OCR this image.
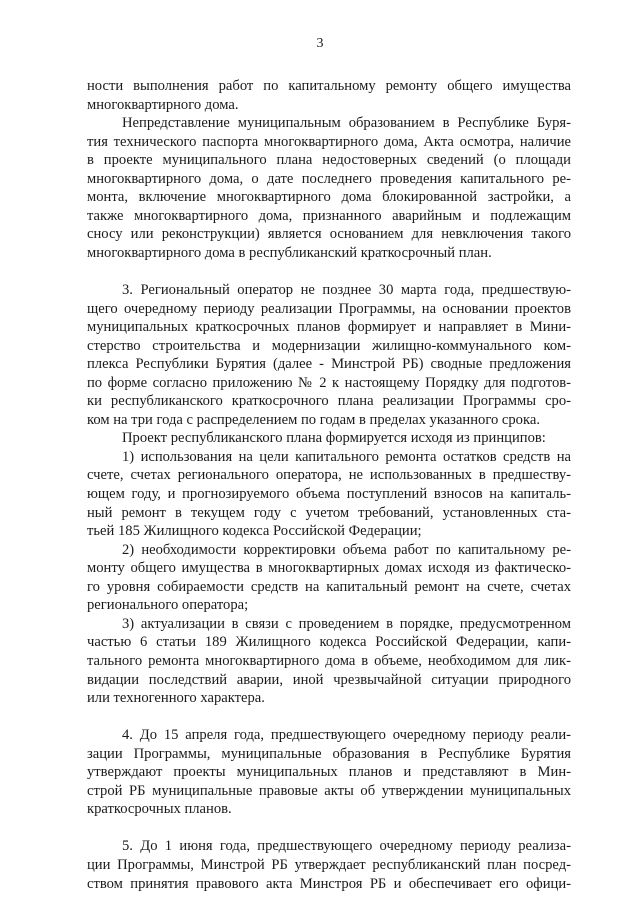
3
ности выполнения работ по капитальному ремонту общего имущества
многоквартирного дома.
Непредставление муниципальным образованием в Республике Буря-
тия технического паспорта многоквартирного дома, Акта осмотра, наличие
в проекте муниципального плана недостоверных сведений (о площади
многоквартирного дома, о дате последнего проведения капитального ре-
монта, включение многоквартирного дома блокированной застройки, а
также многоквартирного дома, признанного аварийным и подлежащим
сносу или реконструкции) является основанием для невключения такого
многоквартирного дома в республиканский краткосрочный план.
3. Региональный оператор не позднее 30 марта года, предшествую-
щего очередному периоду реализации Программы, на основании проектов
муниципальных краткосрочных планов формирует и направляет в Мини-
стерство строительства и модернизации жилищно-коммунального ком-
плекса Республики Бурятия (далее - Минстрой РБ) сводные предложения
по форме согласно приложению № 2 к настоящему Порядку для подготов-
ки республиканского краткосрочного плана реализации Программы сро-
ком на три года с распределением по годам в пределах указанного срока.
Проект республиканского плана формируется исходя из принципов:
1) использования на цели капитального ремонта остатков средств на
счете, счетах регионального оператора, не использованных в предшеству-
ющем году, и прогнозируемого объема поступлений взносов на капиталь-
ный ремонт в текущем году с учетом требований, установленных ста-
тьей 185 Жилищного кодекса Российской Федерации;
2) необходимости корректировки объема работ по капитальному ре-
монту общего имущества в многоквартирных домах исходя из фактическо-
го уровня собираемости средств на капитальный ремонт на счете, счетах
регионального оператора;
3) актуализации в связи с проведением в порядке, предусмотренном
частью 6 статьи 189 Жилищного кодекса Российской Федерации, капи-
тального ремонта многоквартирного дома в объеме, необходимом для лик-
видации последствий аварии, иной чрезвычайной ситуации природного
или техногенного характера.
4. До 15 апреля года, предшествующего очередному периоду реали-
зации Программы, муниципальные образования в Республике Бурятия
утверждают проекты муниципальных планов и представляют в Мин-
строй РБ муниципальные правовые акты об утверждении муниципальных
краткосрочных планов.
5. До 1 июня года, предшествующего очередному периоду реализа-
ции Программы, Минстрой РБ утверждает республиканский план посред-
ством принятия правового акта Минстроя РБ и обеспечивает его офици-
